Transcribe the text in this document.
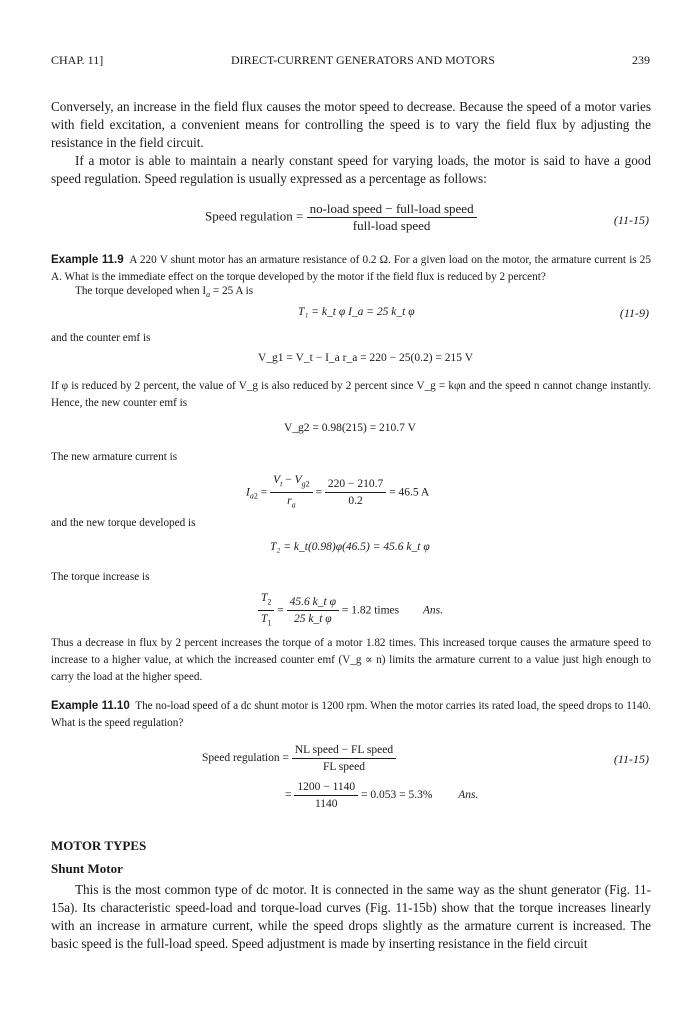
CHAP. 11]	DIRECT-CURRENT GENERATORS AND MOTORS	239
Conversely, an increase in the field flux causes the motor speed to decrease. Because the speed of a motor varies with field excitation, a convenient means for controlling the speed is to vary the field flux by adjusting the resistance in the field circuit.
If a motor is able to maintain a nearly constant speed for varying loads, the motor is said to have a good speed regulation. Speed regulation is usually expressed as a percentage as follows:
Speed regulation = $\frac{\text{no-load speed − full-load speed}}{\text{full-load speed}}$	(11-15)
Example 11.9 A 220 V shunt motor has an armature resistance of 0.2 Ω. For a given load on the motor, the armature current is 25 A. What is the immediate effect on the torque developed by the motor if the field flux is reduced by 2 percent?
The torque developed when $I_a = 25$ A is
T₁ = k_t φ I_a = 25 k_t φ	(11-9)
and the counter emf is
V_g1 = V_t − I_a r_a = 220 − 25(0.2) = 215 V
If φ is reduced by 2 percent, the value of V_g is also reduced by 2 percent since V_g = kφn and the speed n cannot change instantly. Hence, the new counter emf is
V_g2 = 0.98(215) = 210.7 V
The new armature current is
$I_{a2} = \frac{V_t - V_{g2}}{r_a} = \frac{220 - 210.7}{0.2} = 46.5$ A
and the new torque developed is
T₂ = k_t(0.98)φ(46.5) = 45.6 k_t φ
The torque increase is
$\frac{T_2}{T_1} = \frac{\text{45.6 k\_t φ}}{\text{25 k\_t φ}} = 1.82$ times Ans.
Thus a decrease in flux by 2 percent increases the torque of a motor 1.82 times. This increased torque causes the armature speed to increase to a higher value, at which the increased counter emf (V_g ∝ n) limits the armature current to a value just high enough to carry the load at the higher speed.
Example 11.10 The no-load speed of a dc shunt motor is 1200 rpm. When the motor carries its rated load, the speed drops to 1140. What is the speed regulation?
Speed regulation = $\frac{\text{NL speed − FL speed}}{\text{FL speed}}$	(11-15)
= $\frac{1200 - 1140}{1140} = 0.053 = 5.3\%$ Ans.
MOTOR TYPES
Shunt Motor
This is the most common type of dc motor. It is connected in the same way as the shunt generator (Fig. 11-15a). Its characteristic speed-load and torque-load curves (Fig. 11-15b) show that the torque increases linearly with an increase in armature current, while the speed drops slightly as the armature current is increased. The basic speed is the full-load speed. Speed adjustment is made by inserting resistance in the field circuit
